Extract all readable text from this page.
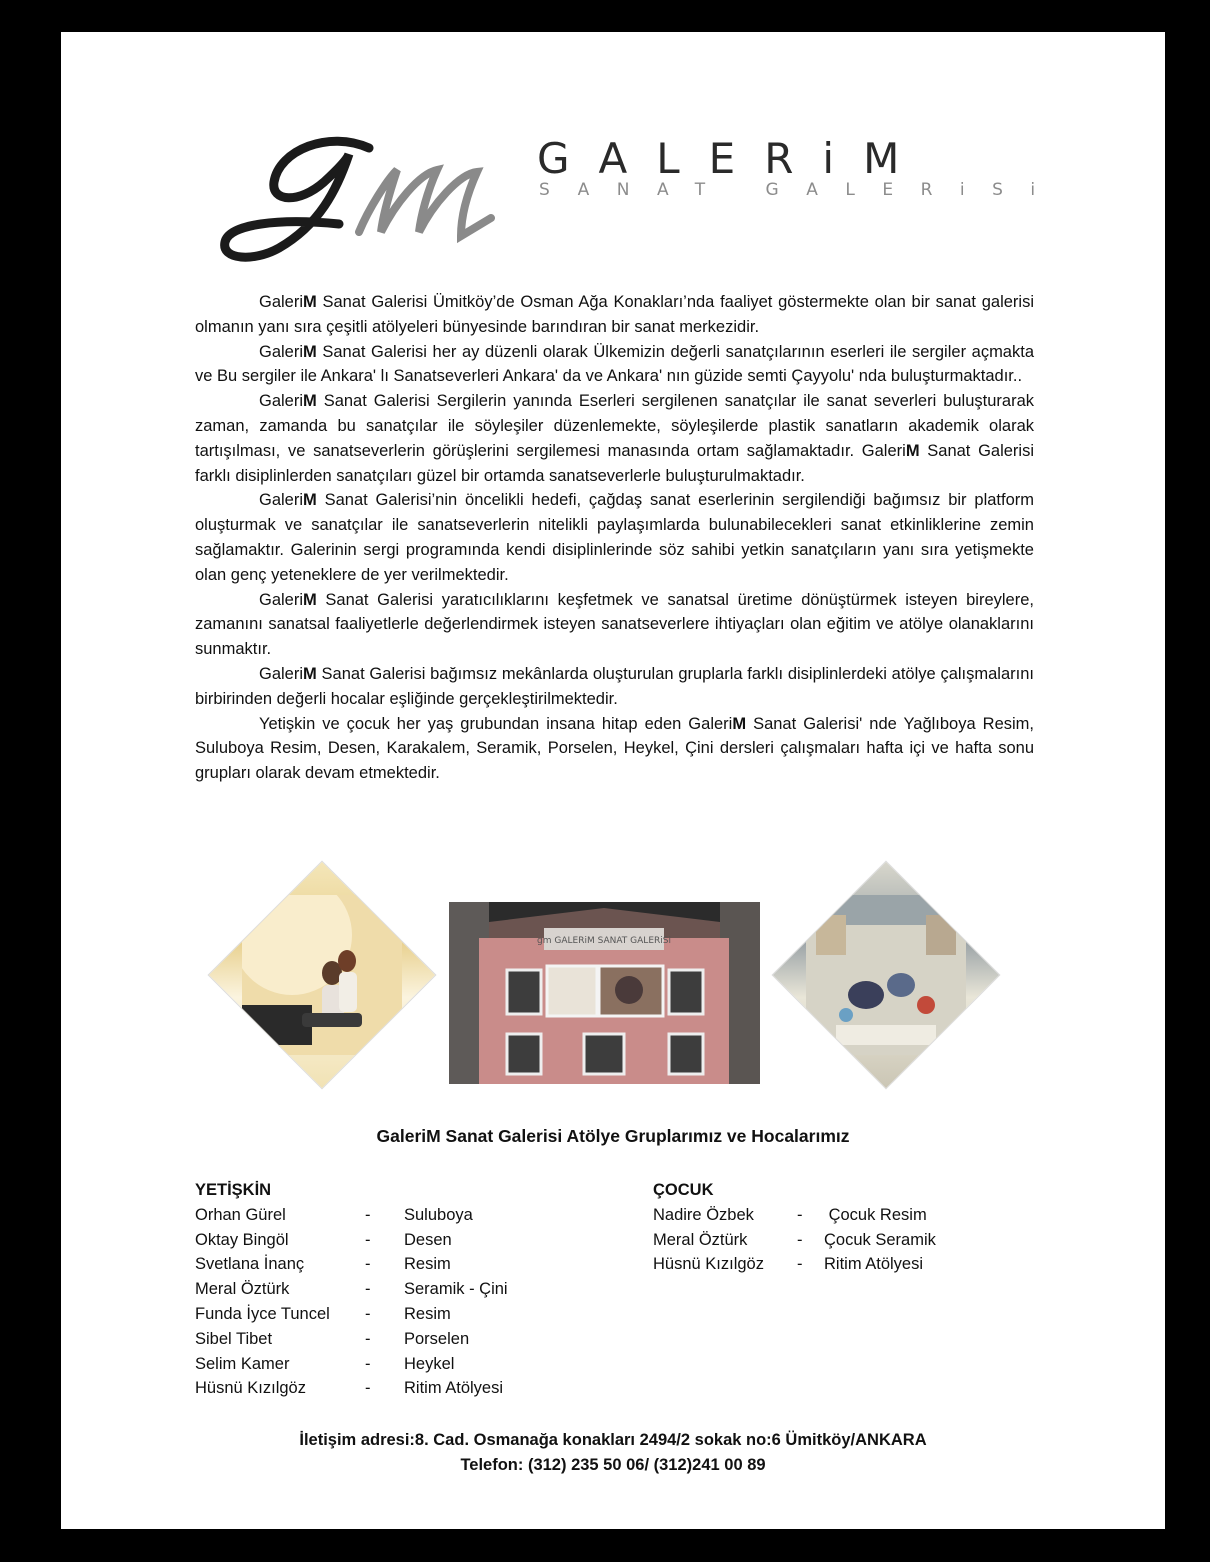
GALERiM
SANAT GALERiSi

GaleriM Sanat Galerisi Ümitköy’de Osman Ağa Konakları’nda faaliyet göstermekte olan bir sanat galerisi olmanın yanı sıra çeşitli atölyeleri bünyesinde barındıran bir sanat merkezidir.

GaleriM Sanat Galerisi her ay düzenli olarak Ülkemizin değerli sanatçılarının eserleri ile sergiler açmakta ve Bu sergiler ile Ankara' lı Sanatseverleri Ankara' da ve Ankara' nın güzide semti Çayyolu' nda buluşturmaktadır..

GaleriM Sanat Galerisi Sergilerin yanında Eserleri sergilenen sanatçılar ile sanat severleri buluşturarak zaman, zamanda bu sanatçılar ile söyleşiler düzenlemekte, söyleşilerde plastik sanatların akademik olarak tartışılması, ve sanatseverlerin görüşlerini sergilemesi manasında ortam sağlamaktadır. GaleriM Sanat Galerisi farklı disiplinlerden sanatçıları güzel bir ortamda sanatseverlerle buluşturulmaktadır.

GaleriM Sanat Galerisi’nin öncelikli hedefi, çağdaş sanat eserlerinin sergilendiği bağımsız bir platform oluşturmak ve sanatçılar ile sanatseverlerin nitelikli paylaşımlarda bulunabilecekleri sanat etkinliklerine zemin sağlamaktır. Galerinin sergi programında kendi disiplinlerinde söz sahibi yetkin sanatçıların yanı sıra yetişmekte olan genç yeteneklere de yer verilmektedir.

GaleriM Sanat Galerisi yaratıcılıklarını keşfetmek ve sanatsal üretime dönüştürmek isteyen bireylere, zamanını sanatsal faaliyetlerle değerlendirmek isteyen sanatseverlere ihtiyaçları olan eğitim ve atölye olanaklarını sunmaktır.

GaleriM Sanat Galerisi bağımsız mekânlarda oluşturulan gruplarla farklı disiplinlerdeki atölye çalışmalarını birbirinden değerli hocalar eşliğinde gerçekleştirilmektedir.

Yetişkin ve çocuk her yaş grubundan insana hitap eden GaleriM Sanat Galerisi' nde Yağlıboya Resim, Suluboya Resim, Desen, Karakalem, Seramik, Porselen, Heykel, Çini dersleri çalışmaları hafta içi ve hafta sonu grupları olarak devam etmektedir.

gm GALERiM SANAT GALERiSi
GaleriM Sanat Galerisi Atölye Gruplarımız ve Hocalarımız
YETİŞKİN
Orhan Gürel	-	Suluboya
Oktay Bingöl	-	Desen
Svetlana İnanç	-	Resim
Meral Öztürk	-	Seramik - Çini
Funda İyce Tuncel	-	Resim
Sibel Tibet	-	Porselen
Selim Kamer	-	Heykel
Hüsnü Kızılgöz	-	Ritim Atölyesi
ÇOCUK
Nadire Özbek	-	Çocuk Resim
Meral Öztürk	-	Çocuk Seramik
Hüsnü Kızılgöz	-	Ritim Atölyesi
İletişim adresi:8. Cad. Osmanağa konakları 2494/2 sokak no:6 Ümitköy/ANKARA
Telefon: (312) 235 50 06/ (312)241 00 89
